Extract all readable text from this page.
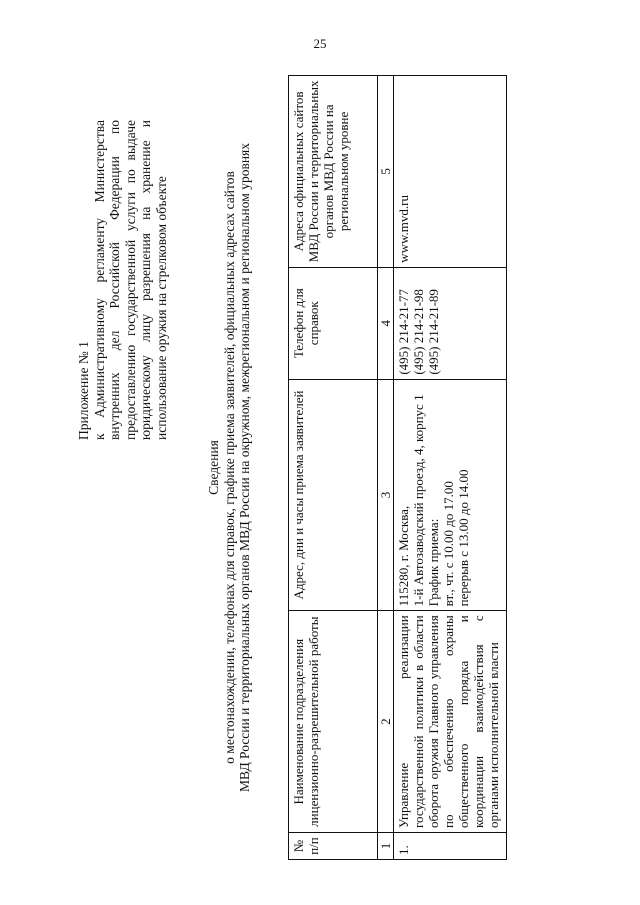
25
Приложение № 1 к Административному регламенту Министерства внутренних дел Российской Федерации по предоставлению государственной услуги по выдаче юридическому лицу разрешения на хранение и использование оружия на стрелковом объекте
Сведения о местонахождении, телефонах для справок, графике приема заявителей, официальных адресах сайтов МВД России и территориальных органов МВД России на окружном, межрегиональном и региональном уровнях
№ п/п	Наименование подразделения лицензионно-разрешительной работы	Адрес, дни и часы приема заявителей	Телефон для справок	Адреса официальных сайтов МВД России и территориальных органов МВД России на региональном уровне
1	2	3	4	5
1.	Управление реализации государственной политики в области оборота оружия Главного управления по обеспечению охраны общественного порядка и координации взаимодействия с органами исполнительной власти	115280, г. Москва, 1-й Автозаводский проезд, 4, корпус 1 График приема: вт., чт. с 10.00 до 17.00 перерыв с 13.00 до 14.00	(495) 214-21-77 (495) 214-21-98 (495) 214-21-89	www.mvd.ru
